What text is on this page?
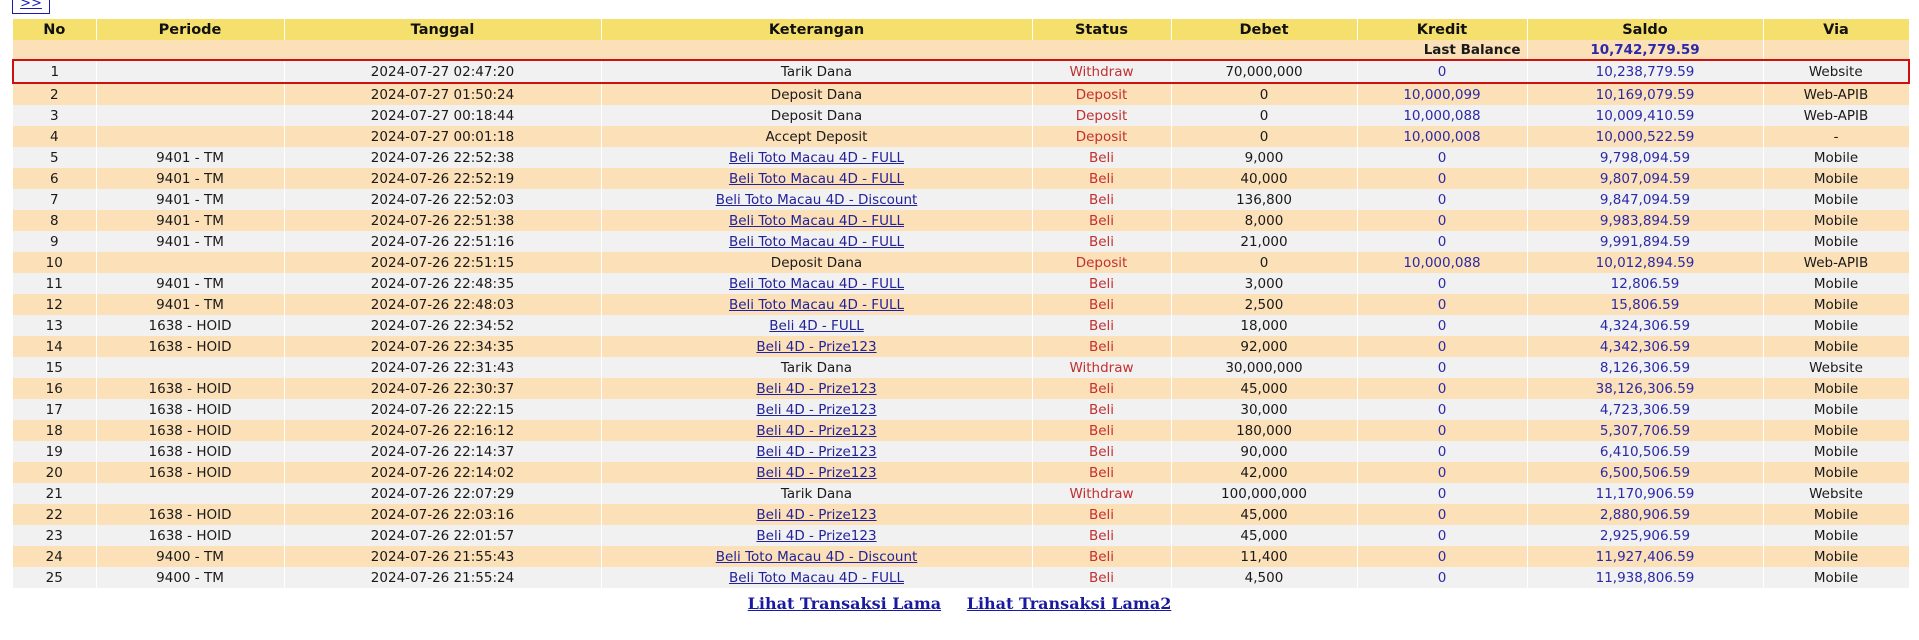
>>
No	Periode	Tanggal	Keterangan	Status	Debet	Kredit	Saldo	Via
Last Balance							10,742,779.59	
1		2024-07-27 02:47:20	Tarik Dana	Withdraw	70,000,000	0	10,238,779.59	Website
2		2024-07-27 01:50:24	Deposit Dana	Deposit	0	10,000,099	10,169,079.59	Web-APIB
3		2024-07-27 00:18:44	Deposit Dana	Deposit	0	10,000,088	10,009,410.59	Web-APIB
4		2024-07-27 00:01:18	Accept Deposit	Deposit	0	10,000,008	10,000,522.59	-
5	9401 - TM	2024-07-26 22:52:38	Beli Toto Macau 4D - FULL	Beli	9,000	0	9,798,094.59	Mobile
6	9401 - TM	2024-07-26 22:52:19	Beli Toto Macau 4D - FULL	Beli	40,000	0	9,807,094.59	Mobile
7	9401 - TM	2024-07-26 22:52:03	Beli Toto Macau 4D - Discount	Beli	136,800	0	9,847,094.59	Mobile
8	9401 - TM	2024-07-26 22:51:38	Beli Toto Macau 4D - FULL	Beli	8,000	0	9,983,894.59	Mobile
9	9401 - TM	2024-07-26 22:51:16	Beli Toto Macau 4D - FULL	Beli	21,000	0	9,991,894.59	Mobile
10		2024-07-26 22:51:15	Deposit Dana	Deposit	0	10,000,088	10,012,894.59	Web-APIB
11	9401 - TM	2024-07-26 22:48:35	Beli Toto Macau 4D - FULL	Beli	3,000	0	12,806.59	Mobile
12	9401 - TM	2024-07-26 22:48:03	Beli Toto Macau 4D - FULL	Beli	2,500	0	15,806.59	Mobile
13	1638 - HOID	2024-07-26 22:34:52	Beli 4D - FULL	Beli	18,000	0	4,324,306.59	Mobile
14	1638 - HOID	2024-07-26 22:34:35	Beli 4D - Prize123	Beli	92,000	0	4,342,306.59	Mobile
15		2024-07-26 22:31:43	Tarik Dana	Withdraw	30,000,000	0	8,126,306.59	Website
16	1638 - HOID	2024-07-26 22:30:37	Beli 4D - Prize123	Beli	45,000	0	38,126,306.59	Mobile
17	1638 - HOID	2024-07-26 22:22:15	Beli 4D - Prize123	Beli	30,000	0	4,723,306.59	Mobile
18	1638 - HOID	2024-07-26 22:16:12	Beli 4D - Prize123	Beli	180,000	0	5,307,706.59	Mobile
19	1638 - HOID	2024-07-26 22:14:37	Beli 4D - Prize123	Beli	90,000	0	6,410,506.59	Mobile
20	1638 - HOID	2024-07-26 22:14:02	Beli 4D - Prize123	Beli	42,000	0	6,500,506.59	Mobile
21		2024-07-26 22:07:29	Tarik Dana	Withdraw	100,000,000	0	11,170,906.59	Website
22	1638 - HOID	2024-07-26 22:03:16	Beli 4D - Prize123	Beli	45,000	0	2,880,906.59	Mobile
23	1638 - HOID	2024-07-26 22:01:57	Beli 4D - Prize123	Beli	45,000	0	2,925,906.59	Mobile
24	9400 - TM	2024-07-26 21:55:43	Beli Toto Macau 4D - Discount	Beli	11,400	0	11,927,406.59	Mobile
25	9400 - TM	2024-07-26 21:55:24	Beli Toto Macau 4D - FULL	Beli	4,500	0	11,938,806.59	Mobile
Lihat Transaksi Lama Lihat Transaksi Lama2
